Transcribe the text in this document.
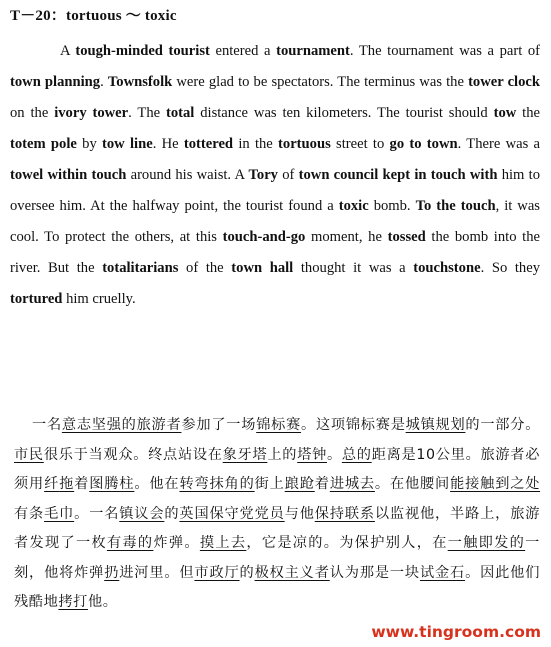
T－20：tortuous ～ toxic
A tough-minded tourist entered a tournament. The tournament was a part of town planning. Townsfolk were glad to be spectators. The terminus was the tower clock on the ivory tower. The total distance was ten kilometers. The tourist should tow the totem pole by tow line. He tottered in the tortuous street to go to town. There was a towel within touch around his waist. A Tory of town council kept in touch with him to oversee him. At the halfway point, the tourist found a toxic bomb. To the touch, it was cool. To protect the others, at this touch-and-go moment, he tossed the bomb into the river. But the totalitarians of the town hall thought it was a touchstone. So they tortured him cruelly.
一名意志坚强的旅游者参加了一场锦标赛。这项锦标赛是城镇规划的一部分。市民很乐于当观众。终点站设在象牙塔上的塔钟。总的距离是10公里。旅游者必须用纤拖着图腾柱。他在转弯抹角的街上踉跄着进城去。在他腰间能接触到之处有条毛巾。一名镇议会的英国保守党党员与他保持联系以监视他，半路上，旅游者发现了一枚有毒的炸弹。摸上去，它是凉的。为保护别人，在一触即发的一刻，他将炸弹扔进河里。但市政厅的极权主义者认为那是一块试金石。因此他们残酷地拷打他。
www.tingroom.com
